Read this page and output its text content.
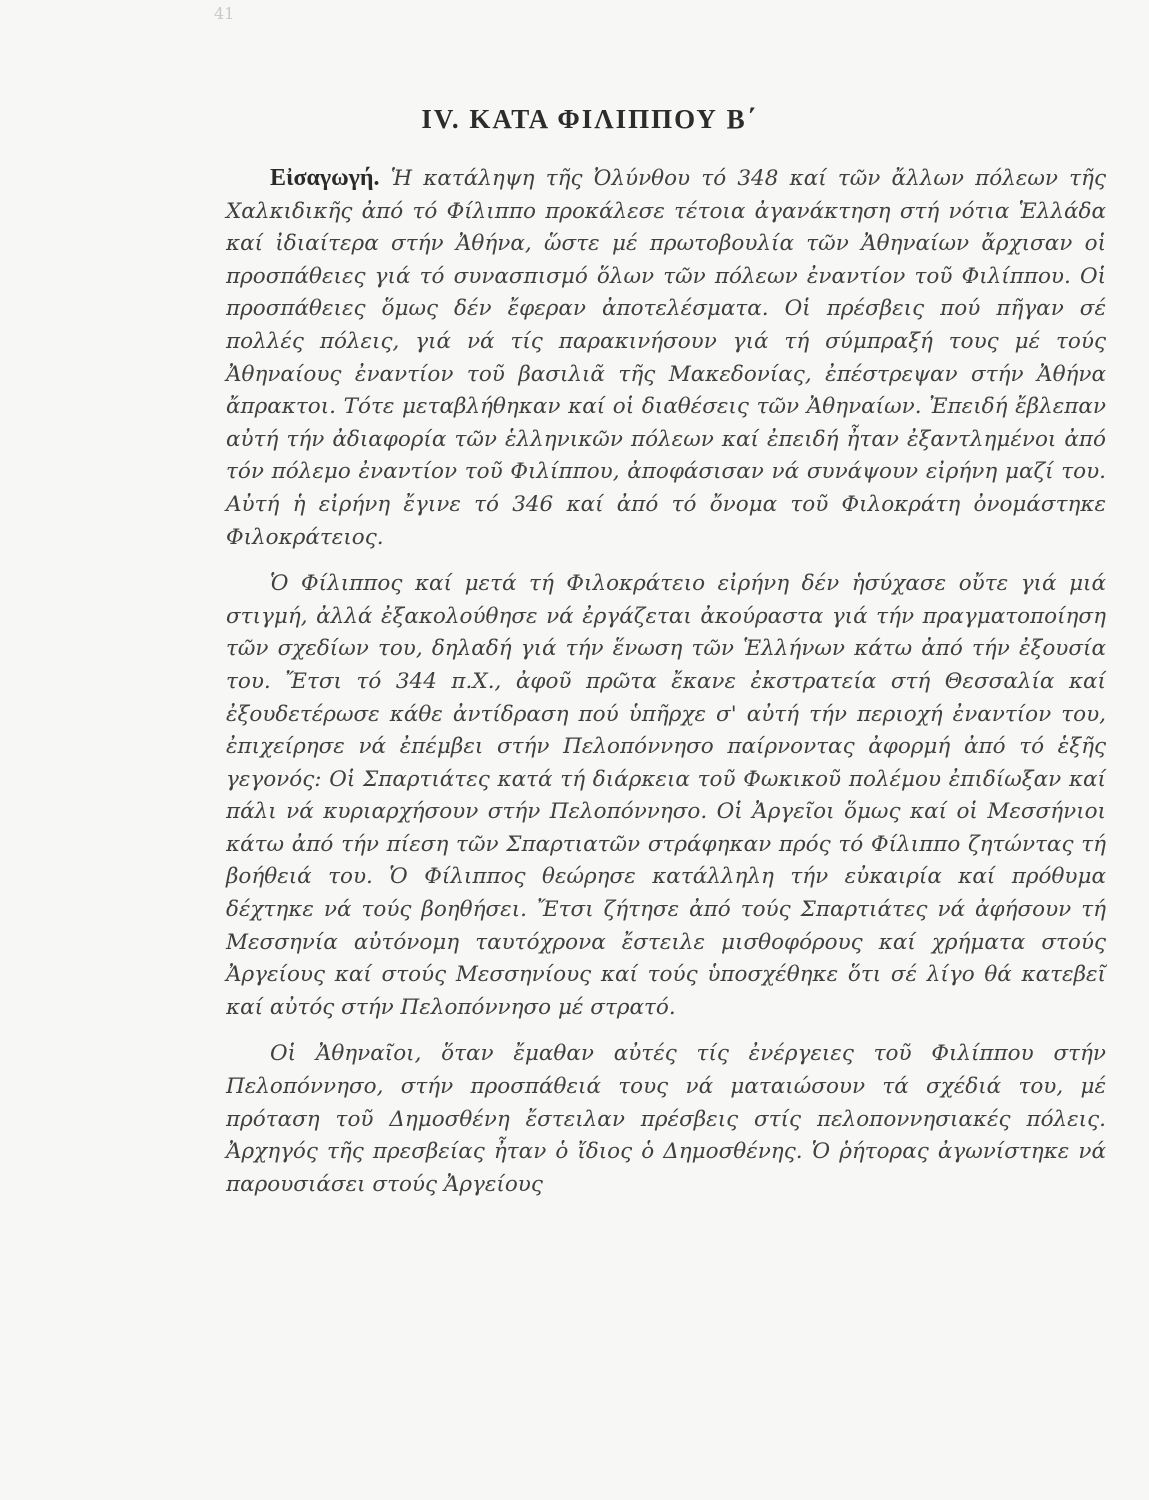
41
IV. ΚΑΤΑ ΦΙΛΙΠΠΟΥ Β΄

Εἰσαγωγή. Ἡ κατάληψη τῆς Ὀλύνθου τό 348 καί τῶν ἄλλων πόλεων τῆς Χαλκιδικῆς ἀπό τό Φίλιππο προκάλεσε τέτοια ἀγανάκτηση στή νότια Ἑλλάδα καί ἰδιαίτερα στήν Ἀθήνα, ὥστε μέ πρωτοβουλία τῶν Ἀθηναίων ἄρχισαν οἱ προσπάθειες γιά τό συνασπισμό ὅλων τῶν πόλεων ἐναντίον τοῦ Φιλίππου. Οἱ προσπάθειες ὅμως δέν ἔφεραν ἀποτελέσματα. Οἱ πρέσβεις πού πῆγαν σέ πολλές πόλεις, γιά νά τίς παρακινήσουν γιά τή σύμπραξή τους μέ τούς Ἀθηναίους ἐναντίον τοῦ βασιλιᾶ τῆς Μακεδονίας, ἐπέστρεψαν στήν Ἀθήνα ἄπρακτοι. Τότε μεταβλήθηκαν καί οἱ διαθέσεις τῶν Ἀθηναίων. Ἐπειδή ἔβλεπαν αὐτή τήν ἀδιαφορία τῶν ἑλληνικῶν πόλεων καί ἐπειδή ἦταν ἐξαντλημένοι ἀπό τόν πόλεμο ἐναντίον τοῦ Φιλίππου, ἀποφάσισαν νά συνάψουν εἰρήνη μαζί του. Αὐτή ἡ εἰρήνη ἔγινε τό 346 καί ἀπό τό ὄνομα τοῦ Φιλοκράτη ὀνομάστηκε Φιλοκράτειος.

Ὁ Φίλιππος καί μετά τή Φιλοκράτειο εἰρήνη δέν ἡσύχασε οὔτε γιά μιά στιγμή, ἀλλά ἐξακολούθησε νά ἐργάζεται ἀκούραστα γιά τήν πραγματοποίηση τῶν σχεδίων του, δηλαδή γιά τήν ἕνωση τῶν Ἑλλήνων κάτω ἀπό τήν ἐξουσία του. Ἔτσι τό 344 π.Χ., ἀφοῦ πρῶτα ἔκανε ἐκστρατεία στή Θεσσαλία καί ἐξουδετέρωσε κάθε ἀντίδραση πού ὑπῆρχε σ' αὐτή τήν περιοχή ἐναντίον του, ἐπιχείρησε νά ἐπέμβει στήν Πελοπόννησο παίρνοντας ἀφορμή ἀπό τό ἑξῆς γεγονός: Οἱ Σπαρτιάτες κατά τή διάρκεια τοῦ Φωκικοῦ πολέμου ἐπιδίωξαν καί πάλι νά κυριαρχήσουν στήν Πελοπόννησο. Οἱ Ἀργεῖοι ὅμως καί οἱ Μεσσήνιοι κάτω ἀπό τήν πίεση τῶν Σπαρτιατῶν στράφηκαν πρός τό Φίλιππο ζητώντας τή βοήθειά του. Ὁ Φίλιππος θεώρησε κατάλληλη τήν εὐκαιρία καί πρόθυμα δέχτηκε νά τούς βοηθήσει. Ἔτσι ζήτησε ἀπό τούς Σπαρτιάτες νά ἀφήσουν τή Μεσσηνία αὐτόνομη ταυτόχρονα ἔστειλε μισθοφόρους καί χρήματα στούς Ἀργείους καί στούς Μεσσηνίους καί τούς ὑποσχέθηκε ὅτι σέ λίγο θά κατεβεῖ καί αὐτός στήν Πελοπόννησο μέ στρατό.

Οἱ Ἀθηναῖοι, ὅταν ἔμαθαν αὐτές τίς ἐνέργειες τοῦ Φιλίππου στήν Πελοπόννησο, στήν προσπάθειά τους νά ματαιώσουν τά σχέδιά του, μέ πρόταση τοῦ Δημοσθένη ἔστειλαν πρέσβεις στίς πελοποννησιακές πόλεις. Ἀρχηγός τῆς πρεσβείας ἦταν ὁ ἴδιος ὁ Δημοσθένης. Ὁ ῥήτορας ἀγωνίστηκε νά παρουσιάσει στούς Ἀργείους
